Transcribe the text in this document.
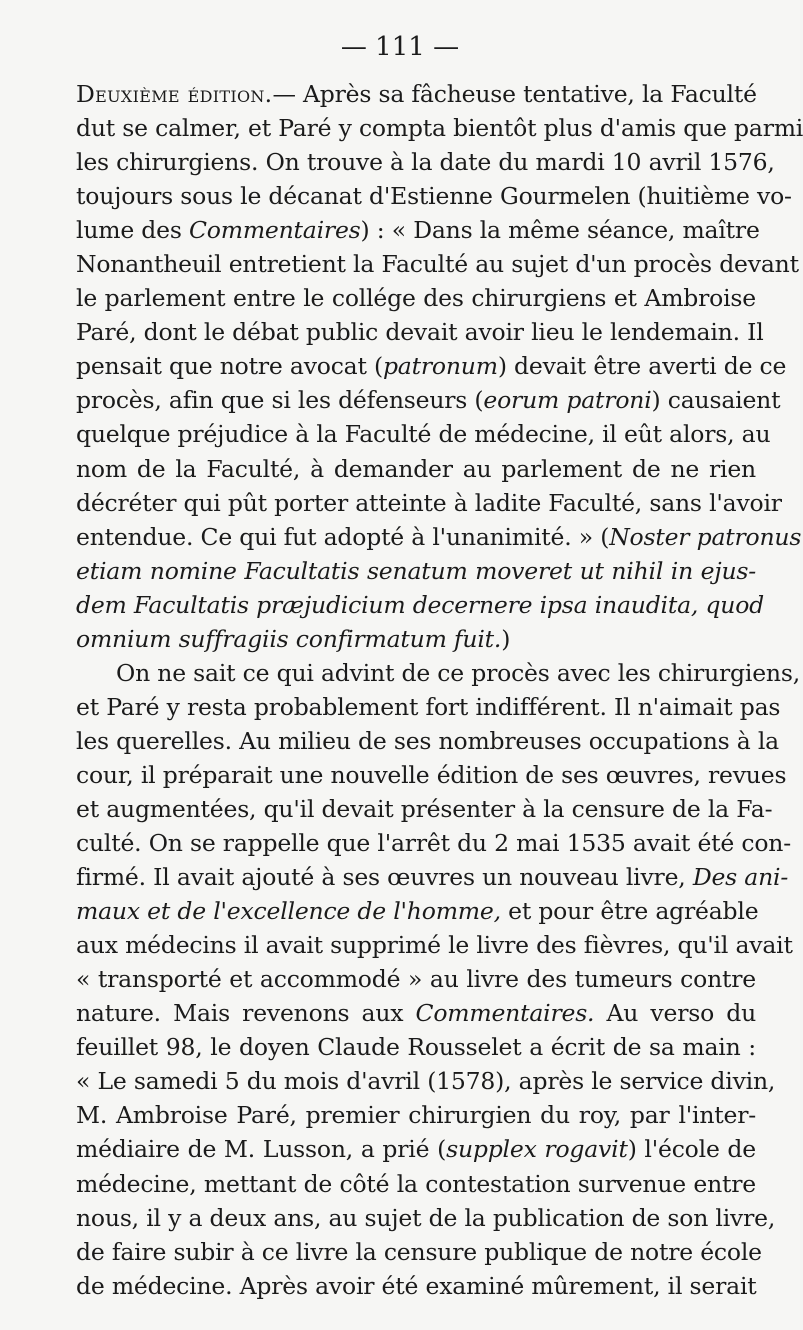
— 111 —
Deuxième édition.— Après sa fâcheuse tentative, la Faculté
dut se calmer, et Paré y compta bientôt plus d'amis que parmi
les chirurgiens. On trouve à la date du mardi 10 avril 1576,
toujours sous le décanat d'Estienne Gourmelen (huitième vo-
lume des Commentaires) : « Dans la même séance, maître
Nonantheuil entretient la Faculté au sujet d'un procès devant
le parlement entre le collége des chirurgiens et Ambroise
Paré, dont le débat public devait avoir lieu le lendemain. Il
pensait que notre avocat (patronum) devait être averti de ce
procès, afin que si les défenseurs (eorum patroni) causaient
quelque préjudice à la Faculté de médecine, il eût alors, au
nom de la Faculté, à demander au parlement de ne rien
décréter qui pût porter atteinte à ladite Faculté, sans l'avoir
entendue. Ce qui fut adopté à l'unanimité. » (Noster patronus
etiam nomine Facultatis senatum moveret ut nihil in ejus-
dem Facultatis præjudicium decernere ipsa inaudita, quod
omnium suffragiis confirmatum fuit.)
On ne sait ce qui advint de ce procès avec les chirurgiens,
et Paré y resta probablement fort indifférent. Il n'aimait pas
les querelles. Au milieu de ses nombreuses occupations à la
cour, il préparait une nouvelle édition de ses œuvres, revues
et augmentées, qu'il devait présenter à la censure de la Fa-
culté. On se rappelle que l'arrêt du 2 mai 1535 avait été con-
firmé. Il avait ajouté à ses œuvres un nouveau livre, Des ani-
maux et de l'excellence de l'homme, et pour être agréable
aux médecins il avait supprimé le livre des fièvres, qu'il avait
« transporté et accommodé » au livre des tumeurs contre
nature. Mais revenons aux Commentaires. Au verso du
feuillet 98, le doyen Claude Rousselet a écrit de sa main :
« Le samedi 5 du mois d'avril (1578), après le service divin,
M. Ambroise Paré, premier chirurgien du roy, par l'inter-
médiaire de M. Lusson, a prié (supplex rogavit) l'école de
médecine, mettant de côté la contestation survenue entre
nous, il y a deux ans, au sujet de la publication de son livre,
de faire subir à ce livre la censure publique de notre école
de médecine. Après avoir été examiné mûrement, il serait
